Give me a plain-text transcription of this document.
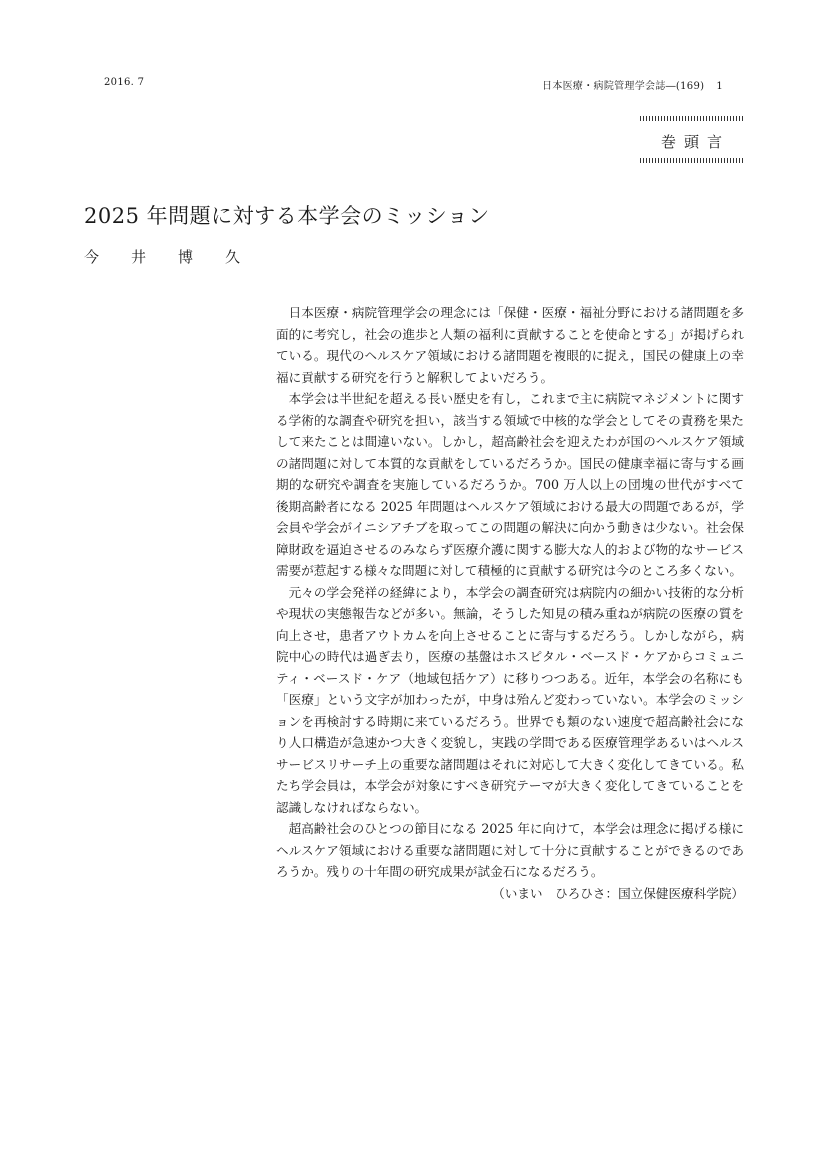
2016. 7	日本医療・病院管理学会誌―(169) 1
巻頭言
2025 年問題に対する本学会のミッション
今井博久

日本医療・病院管理学会の理念には「保健・医療・福祉分野における諸問題を多面的に考究し，社会の進歩と人類の福利に貢献することを使命とする」が掲げられている。現代のヘルスケア領域における諸問題を複眼的に捉え，国民の健康上の幸福に貢献する研究を行うと解釈してよいだろう。

本学会は半世紀を超える長い歴史を有し，これまで主に病院マネジメントに関する学術的な調査や研究を担い，該当する領域で中核的な学会としてその責務を果たして来たことは間違いない。しかし，超高齢社会を迎えたわが国のヘルスケア領域の諸問題に対して本質的な貢献をしているだろうか。国民の健康幸福に寄与する画期的な研究や調査を実施しているだろうか。700 万人以上の団塊の世代がすべて後期高齢者になる 2025 年問題はヘルスケア領域における最大の問題であるが，学会員や学会がイニシアチブを取ってこの問題の解決に向かう動きは少ない。社会保障財政を逼迫させるのみならず医療介護に関する膨大な人的および物的なサービス需要が惹起する様々な問題に対して積極的に貢献する研究は今のところ多くない。

元々の学会発祥の経緯により，本学会の調査研究は病院内の細かい技術的な分析や現状の実態報告などが多い。無論，そうした知見の積み重ねが病院の医療の質を向上させ，患者アウトカムを向上させることに寄与するだろう。しかしながら，病院中心の時代は過ぎ去り，医療の基盤はホスピタル・ベースド・ケアからコミュニティ・ベースド・ケア（地域包括ケア）に移りつつある。近年，本学会の名称にも「医療」という文字が加わったが，中身は殆んど変わっていない。本学会のミッションを再検討する時期に来ているだろう。世界でも類のない速度で超高齢社会になり人口構造が急速かつ大きく変貌し，実践の学問である医療管理学あるいはヘルスサービスリサーチ上の重要な諸問題はそれに対応して大きく変化してきている。私たち学会員は，本学会が対象にすべき研究テーマが大きく変化してきていることを認識しなければならない。

超高齢社会のひとつの節目になる 2025 年に向けて，本学会は理念に掲げる様にヘルスケア領域における重要な諸問題に対して十分に貢献することができるのであろうか。残りの十年間の研究成果が試金石になるだろう。

（いまい　ひろひさ：国立保健医療科学院）
